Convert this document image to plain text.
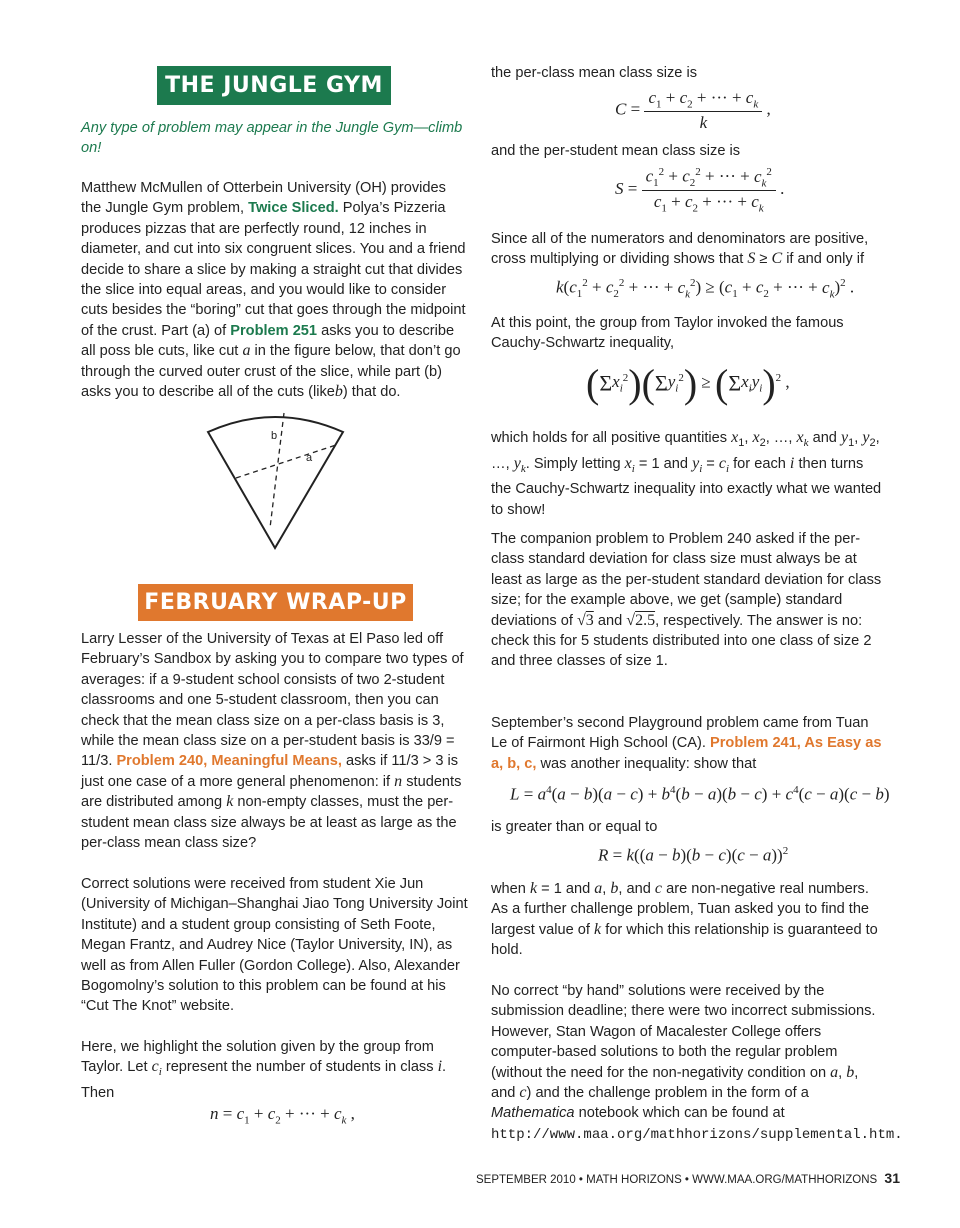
THE JUNGLE GYM

Any type of problem may appear in the Jungle Gym—climb on!

Matthew McMullen of Otterbein University (OH) provides the Jungle Gym problem, Twice Sliced. Polya’s Pizzeria produces pizzas that are perfectly round, 12 inches in diameter, and cut into six congruent slices. You and a friend decide to share a slice by making a straight cut that divides the slice into equal areas, and you would like to consider cuts besides the “boring” cut that goes through the midpoint of the crust. Part (a) of Problem 251 asks you to describe all poss ble cuts, like cut a in the figure below, that don’t go through the curved outer crust of the slice, while part (b) asks you to describe all of the cuts (likeb) that do.

b
a
FEBRUARY WRAP-UP

Larry Lesser of the University of Texas at El Paso led off February’s Sandbox by asking you to compare two types of averages: if a 9-student school consists of two 2-student classrooms and one 5-student classroom, then you can check that the mean class size on a per-class basis is 3, while the mean class size on a per-student basis is 33/9 = 11/3. Problem 240, Meaningful Means, asks if 11/3 > 3 is just one case of a more general phenomenon: if n students are distributed among k non-empty classes, must the per-student mean class size always be at least as large as the per-class mean class size?

Correct solutions were received from student Xie Jun (University of Michigan–Shanghai Jiao Tong University Joint Institute) and a student group consisting of Seth Foote, Megan Frantz, and Audrey Nice (Taylor University, IN), as well as from Allen Fuller (Gordon College). Also, Alexander Bogomolny’s solution to this problem can be found at his “Cut The Knot” website.

Here, we highlight the solution given by the group from Taylor. Let $c_i$ represent the number of students in class i. Then

$n = c_1 + c_2$ + ··· + $c_k$ ,

the per-class mean class size is

$C = \frac{c_1 + c_2 + \cdot\cdot\cdot + c_k}{k}$ ,

and the per-student mean class size is

$S = \frac{c_1^2 + c_2^2 + \cdot\cdot\cdot + c_k^2}{c_1 + c_2 + \cdot\cdot\cdot + c_k}$ .

Since all of the numerators and denominators are positive, cross multiplying or dividing shows that S ≥ C if and only if

$k(c_1^2 + c_2^2$ + ··· + $c_k^2) \ge (c_1 + c_2$ + ··· + $c_k)^2$ .

At this point, the group from Taylor invoked the famous Cauchy-Schwartz inequality,

$(\Sigma x_i^2)(\Sigma y_i^2) \ge (\Sigma x_iy_i)^2$ ,

which holds for all positive quantities $x_1$, $x_2$, …, $x_k$ and $y_1$, $y_2$, …, $y_k$. Simply letting $x_i = 1$ and $y_i = c_i$ for each i then turns the Cauchy-Schwartz inequality into exactly what we wanted to show!

The companion problem to Problem 240 asked if the per-class standard deviation for class size must always be at least as large as the per-student standard deviation for class size; for the example above, we get (sample) standard deviations of √3 and √2.5, respectively. The answer is no: check this for 5 students distributed into one class of size 2 and three classes of size 1.

September’s second Playground problem came from Tuan Le of Fairmont High School (CA). Problem 241, As Easy as a, b, c, was another inequality: show that

$L = a^4(a - b)(a - c) + b^4(b - a)(b - c) + c^4(c - a)(c - b)$

is greater than or equal to

$R = k((a - b)(b - c)(c - a))^2$

when k = 1 and a, b, and c are non-negative real numbers. As a further challenge problem, Tuan asked you to find the largest value of k for which this relationship is guaranteed to hold.

No correct “by hand” solutions were received by the submission deadline; there were two incorrect submissions. However, Stan Wagon of Macalester College offers computer-based solutions to both the regular problem (without the need for the non-negativity condition on a, b, and c) and the challenge problem in the form of a Mathematica notebook which can be found at http://www.maa.org/mathhorizons/supplemental.htm.

SEPTEMBER 2010 • MATH HORIZONS • WWW.MAA.ORG/MATHHORIZONS 31
